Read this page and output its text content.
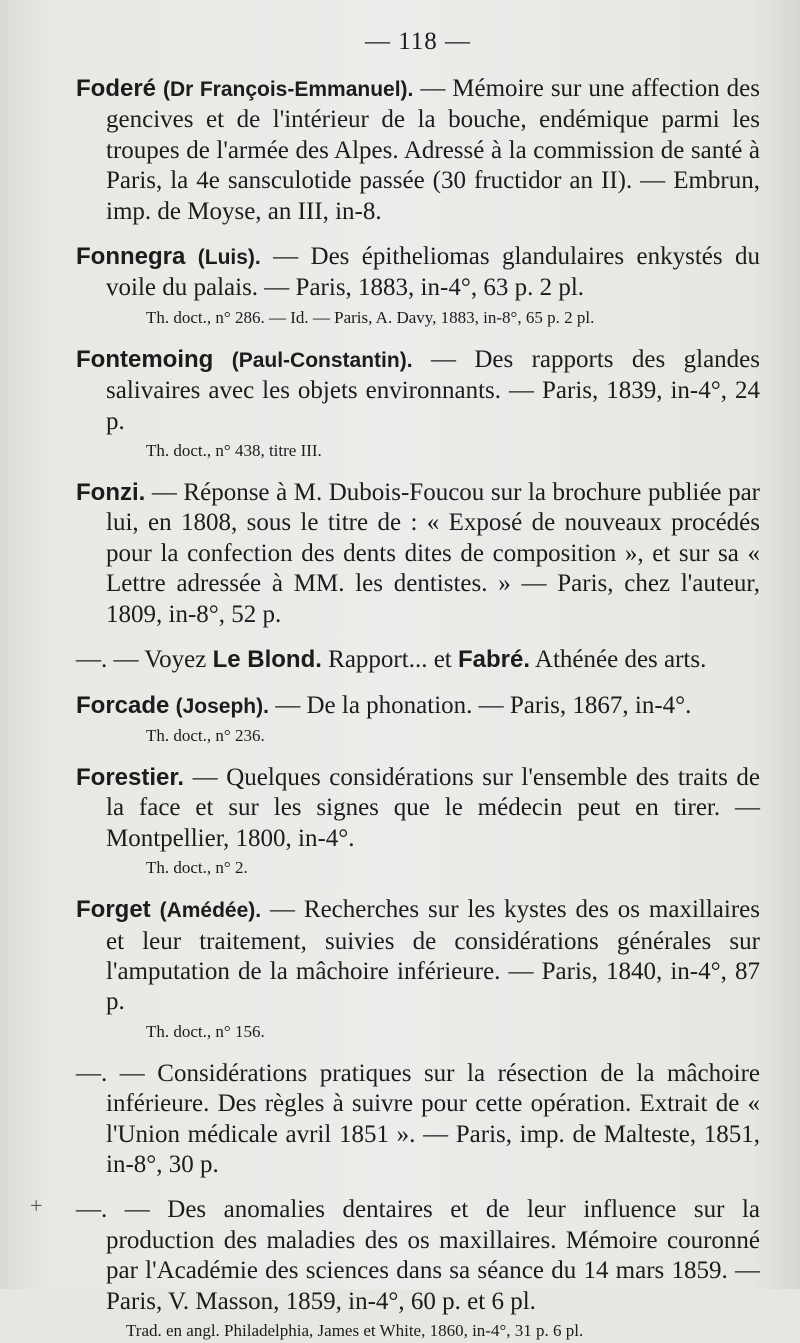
— 118 —

Foderé (Dr François-Emmanuel). — Mémoire sur une affection des gencives et de l'intérieur de la bouche, endémique parmi les troupes de l'armée des Alpes. Adressé à la commission de santé à Paris, la 4e sansculotide passée (30 fructidor an II). — Embrun, imp. de Moyse, an III, in-8.

Fonnegra (Luis). — Des épitheliomas glandulaires enkystés du voile du palais. — Paris, 1883, in-4°, 63 p. 2 pl.

Th. doct., n° 286. — Id. — Paris, A. Davy, 1883, in-8°, 65 p. 2 pl.

Fontemoing (Paul-Constantin). — Des rapports des glandes salivaires avec les objets environnants. — Paris, 1839, in-4°, 24 p.

Th. doct., n° 438, titre III.

Fonzi. — Réponse à M. Dubois-Foucou sur la brochure publiée par lui, en 1808, sous le titre de : « Exposé de nouveaux procédés pour la confection des dents dites de composition », et sur sa « Lettre adressée à MM. les dentistes. » — Paris, chez l'auteur, 1809, in-8°, 52 p.

—. — Voyez Le Blond. Rapport... et Fabré. Athénée des arts.

Forcade (Joseph). — De la phonation. — Paris, 1867, in-4°.

Th. doct., n° 236.

Forestier. — Quelques considérations sur l'ensemble des traits de la face et sur les signes que le médecin peut en tirer. — Montpellier, 1800, in-4°.

Th. doct., n° 2.

Forget (Amédée). — Recherches sur les kystes des os maxillaires et leur traitement, suivies de considérations générales sur l'amputation de la mâchoire inférieure. — Paris, 1840, in-4°, 87 p.

Th. doct., n° 156.

—. — Considérations pratiques sur la résection de la mâchoire inférieure. Des règles à suivre pour cette opération. Extrait de « l'Union médicale avril 1851 ». — Paris, imp. de Malteste, 1851, in-8°, 30 p.

+ —. — Des anomalies dentaires et de leur influence sur la production des maladies des os maxillaires. Mémoire couronné par l'Académie des sciences dans sa séance du 14 mars 1859. — Paris, V. Masson, 1859, in-4°, 60 p. et 6 pl.

Trad. en angl. Philadelphia, James et White, 1860, in-4°, 31 p. 6 pl.
